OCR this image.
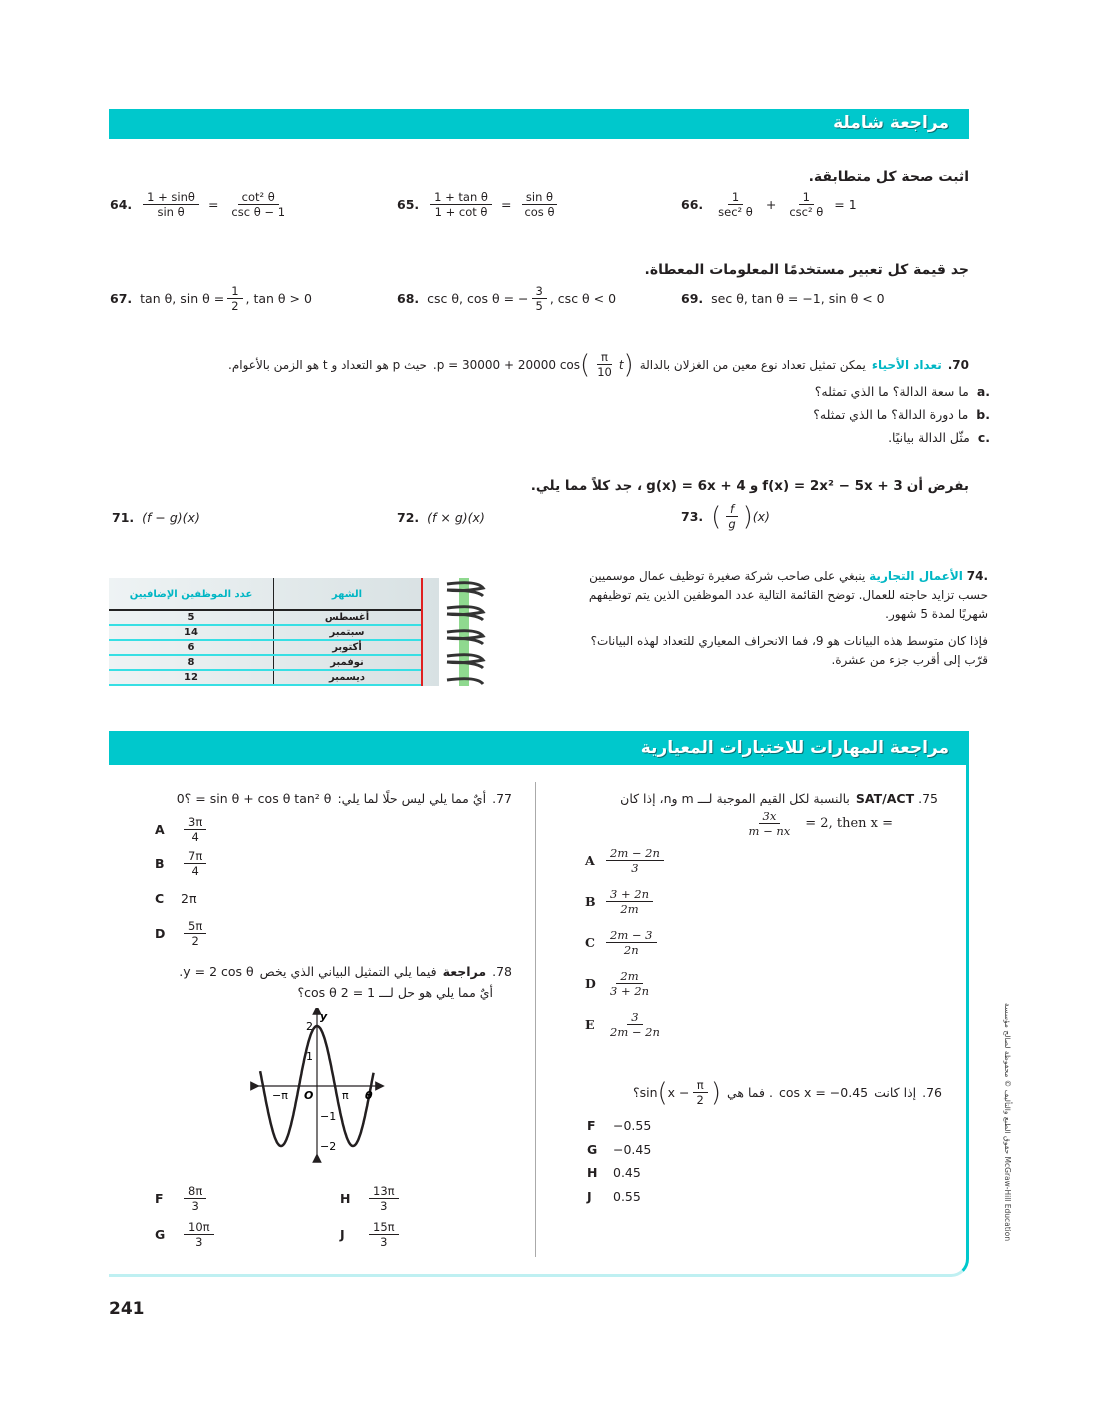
مراجعة شاملة
اثبت صحة كل متطابقة.
64. $\frac{1 + \sin\theta}{\text{sin θ}} = \frac{\text{cot² θ}}{\text{csc θ − 1}}$	65. $\frac{\text{1 + tan θ}}{\text{1 + cot θ}} = \frac{\text{sin θ}}{\text{cos θ}}$	66. $\frac{1}{\text{sec² θ}} + \frac{1}{\text{csc² θ}} = 1$
جد قيمة كل تعبير مستخدمًا المعلومات المعطاة.
67. tan θ, $\sin \theta = \frac{1}{2}$ , tan θ > 0	68. csc θ, cos θ = − $\frac{3}{5}$ , csc θ < 0	69. sec θ, tan θ = −1, sin θ < 0
حيث p هو التعداد و t هو الزمن بالأعوام. .p = 30000 + 20000 cos ( $\frac{\pi}{10}$ t ) يمكن تمثيل تعداد نوع معين من الغزلان بالدالة تعداد الأحياء .70
.a  ما سعة الدالة؟ ما الذي تمثله؟
.b  ما دورة الدالة؟ ما الذي تمثله؟
.c  مثّل الدالة بيانيًا.
، جد كلاً مما يلي. g(x) = 6x + 4 و f(x) = 2x² − 5x + 3 بفرض أن
71. (f − g)(x)	72. (f × g)(x)	73. ( $\frac{f}{g}$ ) (x)
.74 الأعمال التجارية ينبغي على صاحب شركة صغيرة توظيف عمال موسميين حسب تزايد حاجته للعمال. توضح القائمة التالية عدد الموظفين الذين يتم توظيفهم شهريًا لمدة 5 شهور.
فإذا كان متوسط هذه البيانات هو 9، فما الانحراف المعياري للتعداد لهذه البيانات؟ قرّب إلى أقرب جزء من عشرة.
عدد الموظفين الإضافيين	الشهر
5	أغسطس
14	سبتمبر
6	أكتوبر
8	نوفمبر
12	ديسمبر
مراجعة المهارات للاختبارات المعيارية
؟0 = sin θ + cos θ tan² θ أيٌ مما يلي ليس حلًا لما يلي: .77
A $\frac{3\pi}{4}$
B $\frac{7\pi}{4}$
C 2π
D $\frac{5\pi}{2}$
.y = 2 cos θ فيما يلي التمثيل البياني الذي يخص مراجعة .78
أيٌ مما يلي هو حل لـــ 1 = 2 cos θ؟
y
θ
O
−π	π
2
1
−1
−2
F	$\frac{8\pi}{3}$
G $\frac{10\pi}{3}$
H $\frac{13\pi}{3}$
J	$\frac{15\pi}{3}$
بالنسبة لكل القيم الموجبة لـــ m وn، إذا كان SAT/ACT .75
$\frac{3x}{m - nx} = 2$, then x =
A $\frac{2m - 2n}{3}$
B $\frac{3 + 2n}{2m}$
C $\frac{2m - 3}{2n}$
D $\frac{2m}{3 + 2n}$
E $\frac{3}{2m - 2n}$
؟sin ( $x - \frac{\pi}{2}$ ) . فما هي cos x = −0.45 إذا كانت .76
F −0.55
G −0.45
H 0.45
J	0.55
241
حقوق الطبع والتأليف © محفوظة لصالح مؤسسة McGraw-Hill Education
